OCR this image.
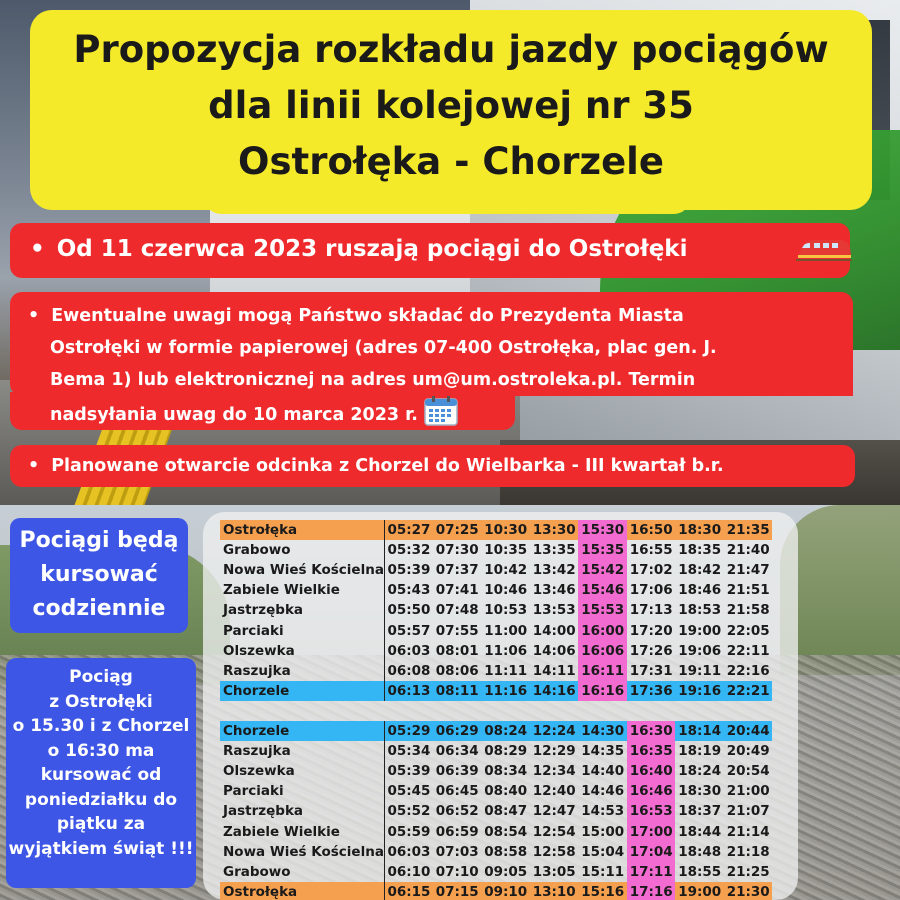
Propozycja rozkładu jazdy pociągów
dla linii kolejowej nr 35
Ostrołęka - Chorzele
• Od 11 czerwca 2023 ruszają pociągi do Ostrołęki
• Ewentualne uwagi mogą Państwo składać do Prezydenta Miasta
Ostrołęki w formie papierowej (adres 07-400 Ostrołęka, plac gen. J.
Bema 1) lub elektronicznej na adres um@um.ostroleka.pl. Termin
nadsyłania uwag do 10 marca 2023 r.
• Planowane otwarcie odcinka z Chorzel do Wielbarka - III kwartał b.r.
Pociągi będą
kursować
codziennie
Pociąg
z Ostrołęki
o 15.30 i z Chorzel
o 16:30 ma
kursować od
poniedziałku do
piątku za
wyjątkiem świąt !!!
Ostrołęka	05:27	07:25	10:30	13:30	15:30	16:50	18:30	21:35
Grabowo	05:32	07:30	10:35	13:35	15:35	16:55	18:35	21:40
Nowa Wieś Kościelna	05:39	07:37	10:42	13:42	15:42	17:02	18:42	21:47
Zabiele Wielkie	05:43	07:41	10:46	13:46	15:46	17:06	18:46	21:51
Jastrzębka	05:50	07:48	10:53	13:53	15:53	17:13	18:53	21:58
Parciaki	05:57	07:55	11:00	14:00	16:00	17:20	19:00	22:05
Olszewka	06:03	08:01	11:06	14:06	16:06	17:26	19:06	22:11
Raszujka	06:08	08:06	11:11	14:11	16:11	17:31	19:11	22:16
Chorzele	06:13	08:11	11:16	14:16	16:16	17:36	19:16	22:21
Chorzele	05:29	06:29	08:24	12:24	14:30	16:30	18:14	20:44
Raszujka	05:34	06:34	08:29	12:29	14:35	16:35	18:19	20:49
Olszewka	05:39	06:39	08:34	12:34	14:40	16:40	18:24	20:54
Parciaki	05:45	06:45	08:40	12:40	14:46	16:46	18:30	21:00
Jastrzębka	05:52	06:52	08:47	12:47	14:53	16:53	18:37	21:07
Zabiele Wielkie	05:59	06:59	08:54	12:54	15:00	17:00	18:44	21:14
Nowa Wieś Kościelna	06:03	07:03	08:58	12:58	15:04	17:04	18:48	21:18
Grabowo	06:10	07:10	09:05	13:05	15:11	17:11	18:55	21:25
Ostrołęka	06:15	07:15	09:10	13:10	15:16	17:16	19:00	21:30
